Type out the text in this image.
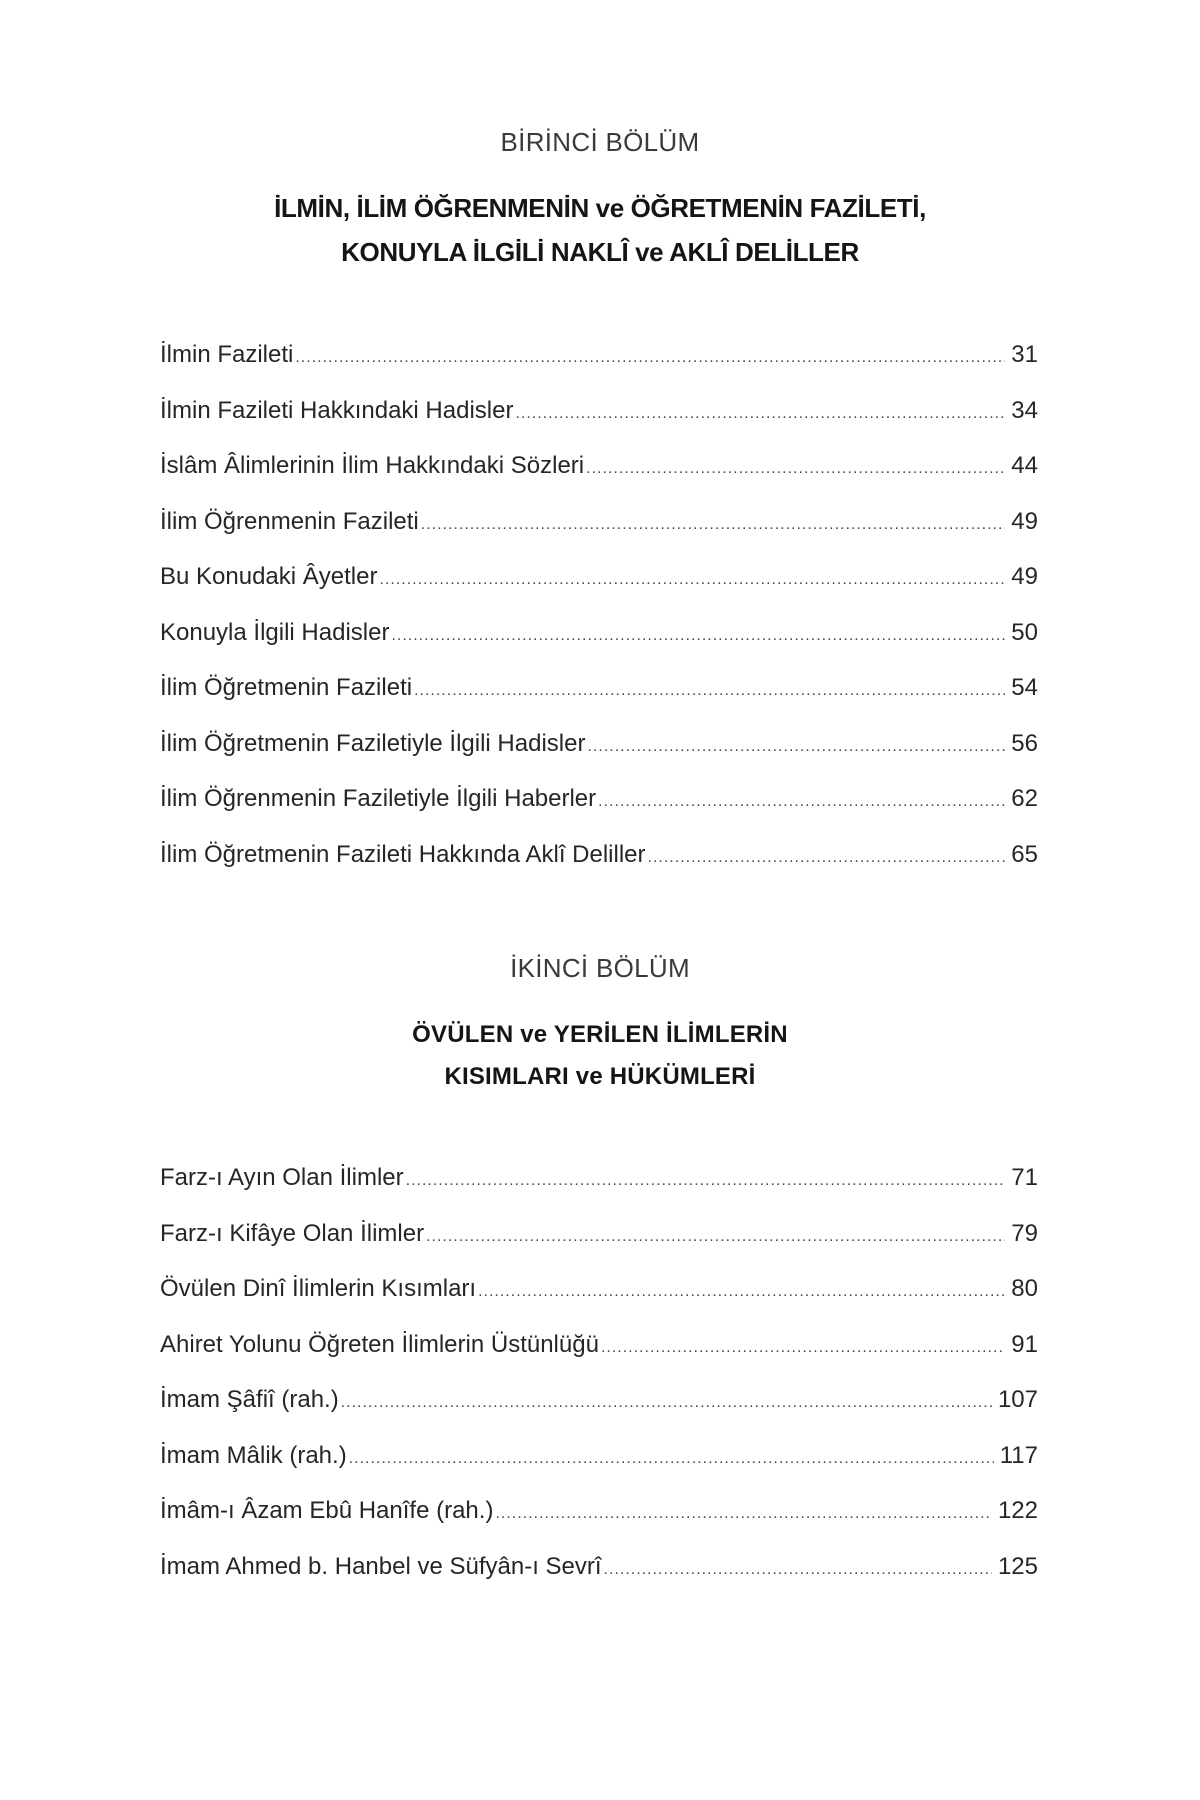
BİRİNCİ BÖLÜM
İLMİN, İLİM ÖĞRENMENİN ve ÖĞRETMENİN FAZİLETİ,
KONUYLA İLGİLİ NAKLÎ ve AKLÎ DELİLLER
İlmin Fazileti .....	31
İlmin Fazileti Hakkındaki Hadisler .....	34
İslâm Âlimlerinin İlim Hakkındaki Sözleri .....	44
İlim Öğrenmenin Fazileti .....	49
Bu Konudaki Âyetler .....	49
Konuyla İlgili Hadisler .....	50
İlim Öğretmenin Fazileti .....	54
İlim Öğretmenin Faziletiyle İlgili Hadisler .....	56
İlim Öğrenmenin Faziletiyle İlgili Haberler .....	62
İlim Öğretmenin Fazileti Hakkında Aklî Deliller .....	65
İKİNCİ BÖLÜM
ÖVÜLEN ve YERİLEN İLİMLERİN
KISIMLARI ve HÜKÜMLERİ
Farz-ı Ayın Olan İlimler .....	71
Farz-ı Kifâye Olan İlimler .....	79
Övülen Dinî İlimlerin Kısımları .....	80
Ahiret Yolunu Öğreten İlimlerin Üstünlüğü .....	91
İmam Şâfiî (rah.) .....	107
İmam Mâlik (rah.) .....	117
İmâm-ı Âzam Ebû Hanîfe (rah.) .....	122
İmam Ahmed b. Hanbel ve Süfyân-ı Sevrî .....	125
